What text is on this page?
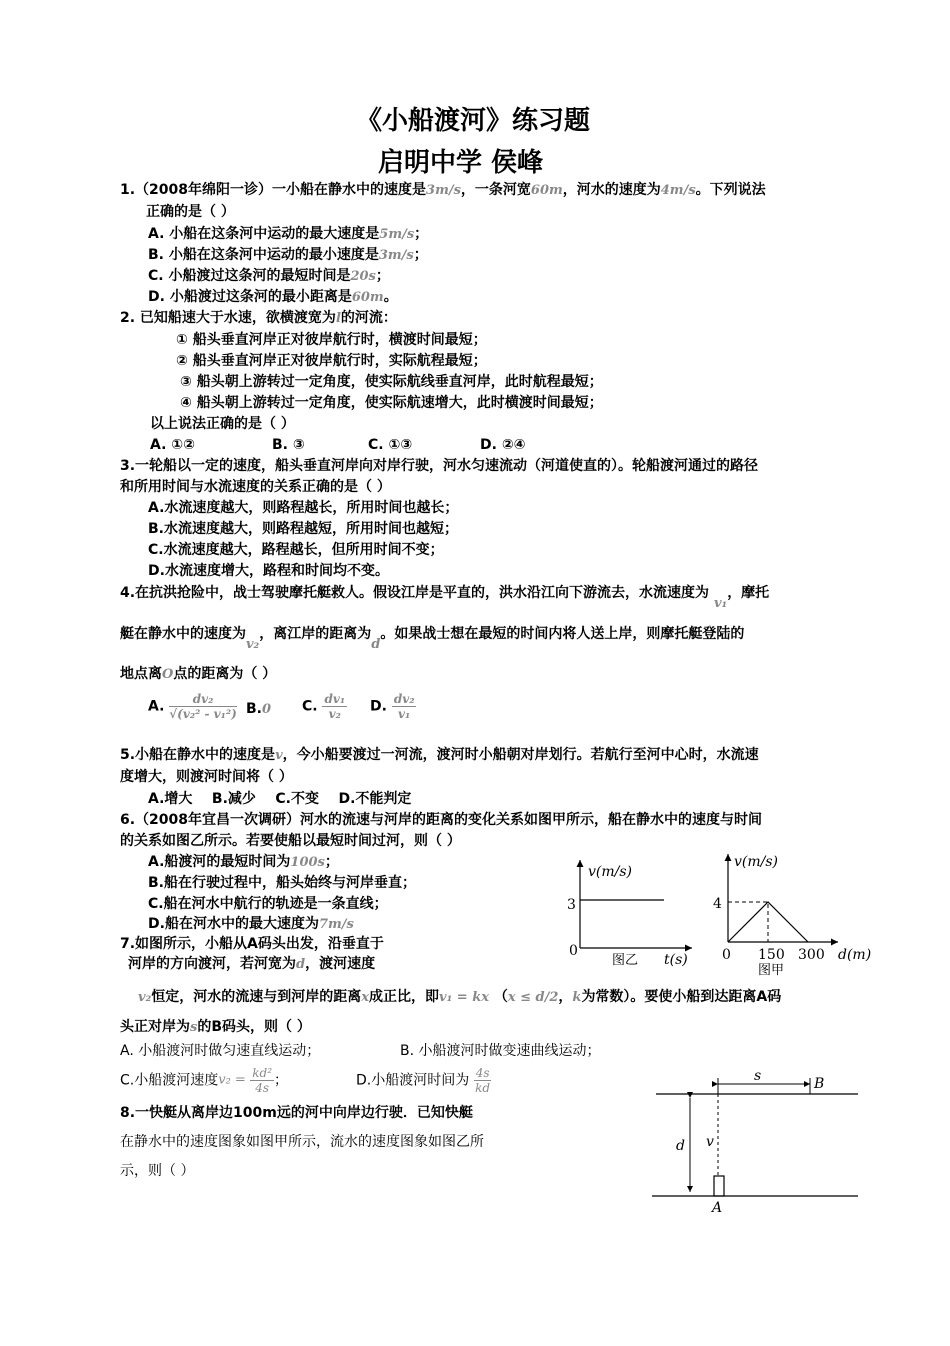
《小船渡河》练习题
启明中学 侯峰
1.（2008年绵阳一诊）一小船在静水中的速度是3m/s，一条河宽60m，河水的速度为4m/s。下列说法
正确的是（ ）
A. 小船在这条河中运动的最大速度是5m/s；
B. 小船在这条河中运动的最小速度是3m/s；
C. 小船渡过这条河的最短时间是20s；
D. 小船渡过这条河的最小距离是60m。
2. 已知船速大于水速，欲横渡宽为l的河流：
① 船头垂直河岸正对彼岸航行时，横渡时间最短；
② 船头垂直河岸正对彼岸航行时，实际航程最短；
③ 船头朝上游转过一定角度，使实际航线垂直河岸，此时航程最短；
④ 船头朝上游转过一定角度，使实际航速增大，此时横渡时间最短；
以上说法正确的是（ ）
A. ①②	B. ③	C. ①③	D. ②④
3.一轮船以一定的速度，船头垂直河岸向对岸行驶，河水匀速流动（河道使直的）。轮船渡河通过的路径
和所用时间与水流速度的关系正确的是（ ）
A.水流速度越大，则路程越长，所用时间也越长；
B.水流速度越大，则路程越短，所用时间也越短；
C.水流速度越大，路程越长，但所用时间不变；
D.水流速度增大，路程和时间均不变。
4.在抗洪抢险中，战士驾驶摩托艇救人。假设江岸是平直的，洪水沿江向下游流去，水流速度为 v₁，摩托
艇在静水中的速度为v₂，离江岸的距离为d。如果战士想在最短的时间内将人送上岸，则摩托艇登陆的
地点离O点的距离为（ ）
A. $\frac{\text{dv₂}}{\text{√(v₂² - v₁²)}} B.0$ C. $\frac{\text{dv₁}}{\text{v₂}} D$. $\frac{\text{dv₂}}{\text{v₁}}$
5.小船在静水中的速度是v，今小船要渡过一河流，渡河时小船朝对岸划行。若航行至河中心时，水流速
度增大，则渡河时间将（ ）
A.增大    B.减少    C.不变    D.不能判定
6.（2008年宜昌一次调研）河水的流速与河岸的距离的变化关系如图甲所示，船在静水中的速度与时间
的关系如图乙所示。若要使船以最短时间过河，则（ ）
A.船渡河的最短时间为100s；
B.船在行驶过程中，船头始终与河岸垂直；
C.船在河水中航行的轨迹是一条直线；
D.船在河水中的最大速度为7m/s
v(m/s)
3
0
图乙 t(s)
v(m/s)
4
0 150 300 d(m)
图甲
7.如图所示，小船从A码头出发，沿垂直于
河岸的方向渡河，若河宽为d，渡河速度
v₂恒定，河水的流速与到河岸的距离x成正比，即v₁ = kx （x ≤ d/2，k为常数）。要使小船到达距离A码
头正对岸为s的B码头，则（ ）
A. 小船渡河时做匀速直线运动；	B. 小船渡河时做变速曲线运动；
C.小船渡河速度$v_2 = \frac{\text{kd²}}{4s}$ ；	D.小船渡河时间为 $\frac{4s}{kd}$	s	B
d v
A
8.一快艇从离岸边100m远的河中向岸边行驶．已知快艇
在静水中的速度图象如图甲所示，流水的速度图象如图乙所
示，则（ ）
